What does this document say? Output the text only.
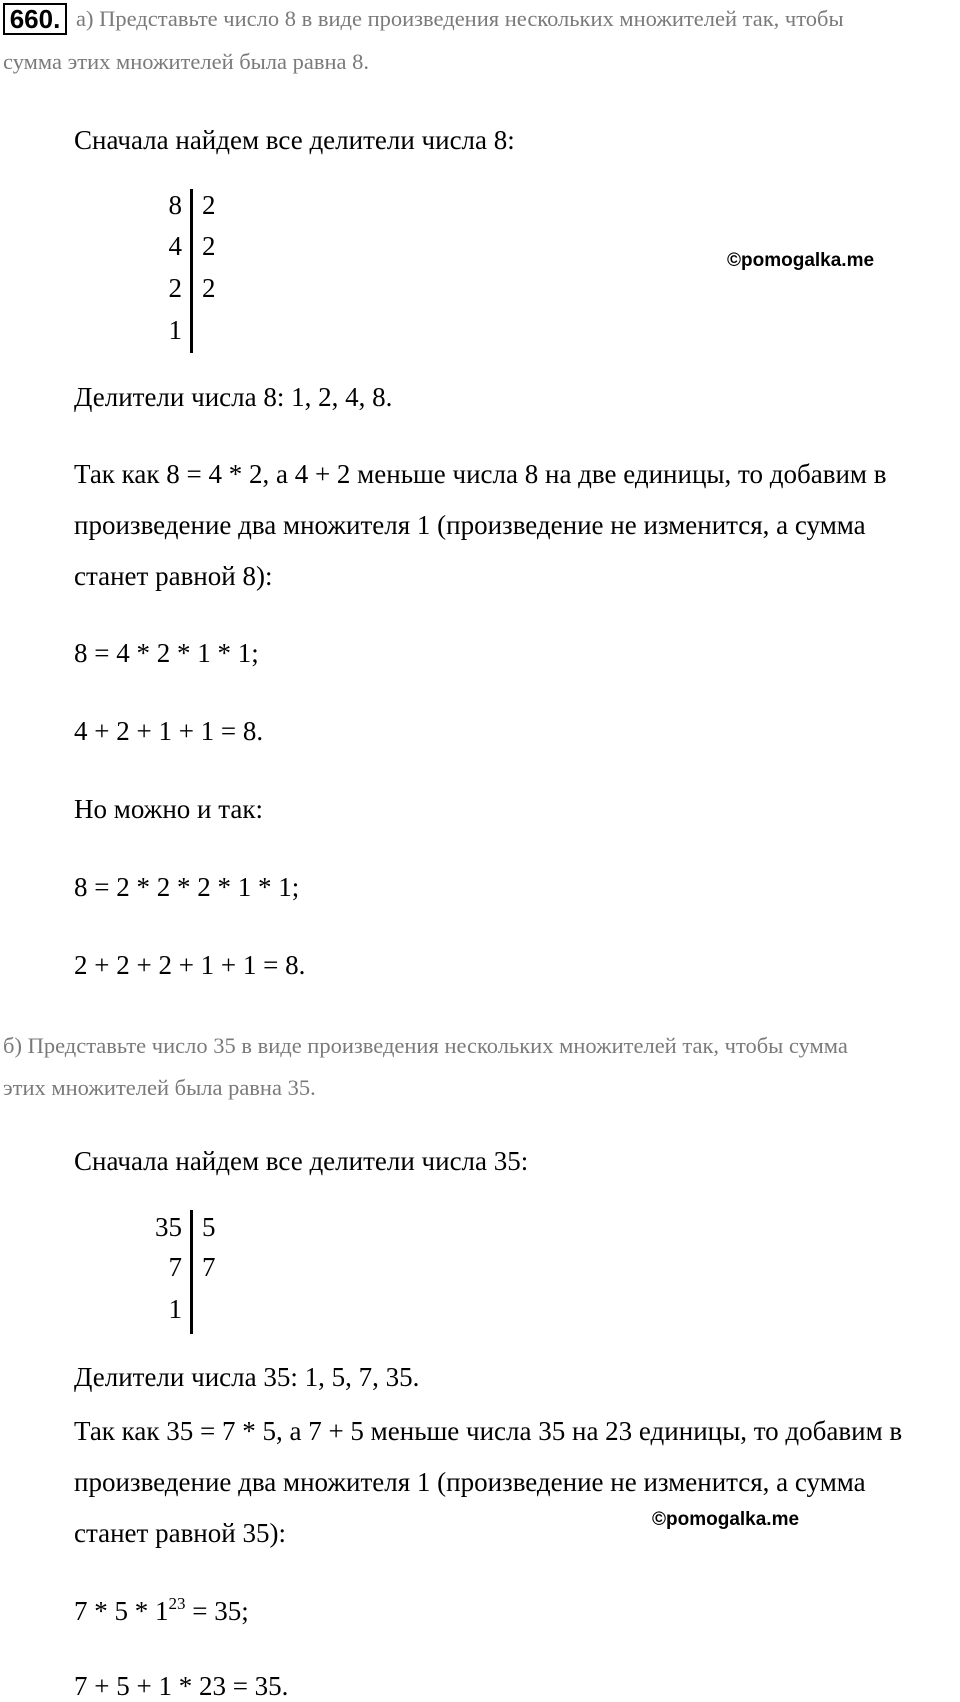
660. а) Представьте число 8 в виде произведения нескольких множителей так, чтобы
сумма этих множителей была равна 8.
Сначала найдем все делители числа 8:
8 2
4 2
2 2
1
©pomogalka.me
Делители числа 8: 1, 2, 4, 8.
Так как 8 = 4 * 2, а 4 + 2 меньше числа 8 на две единицы, то добавим в
произведение два множителя 1 (произведение не изменится, а сумма
станет равной 8):
8 = 4 * 2 * 1 * 1;
4 + 2 + 1 + 1 = 8.
Но можно и так:
8 = 2 * 2 * 2 * 1 * 1;
2 + 2 + 2 + 1 + 1 = 8.
б) Представьте число 35 в виде произведения нескольких множителей так, чтобы сумма
этих множителей была равна 35.
Сначала найдем все делители числа 35:
35 5
7 7
1
Делители числа 35: 1, 5, 7, 35.
Так как 35 = 7 * 5, а 7 + 5 меньше числа 35 на 23 единицы, то добавим в
произведение два множителя 1 (произведение не изменится, а сумма
©pomogalka.me
станет равной 35):
$7 * 5 * 1^{23} = 35$;
7 + 5 + 1 * 23 = 35.
